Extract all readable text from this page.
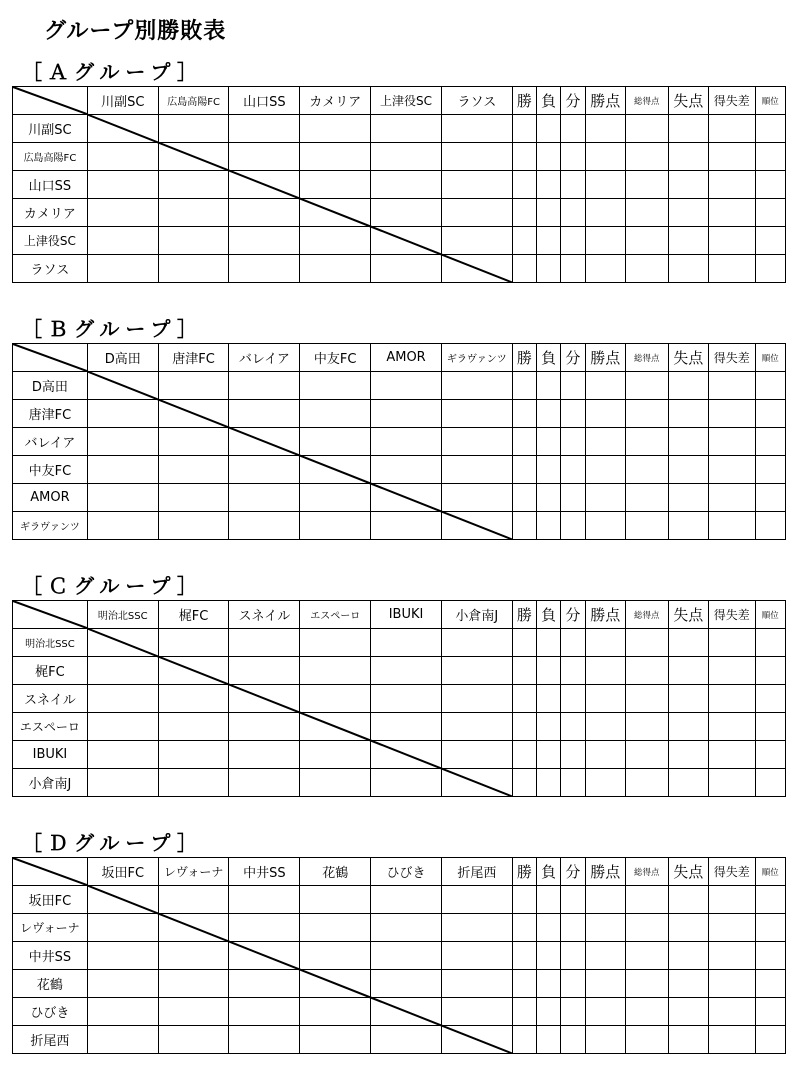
グループ別勝敗表
［Ａグループ］
	川副SC	広島高陽FC	山口SS	カメリア	上津役SC	ラソス	勝	負	分	勝点	総得点	失点	得失差	順位
川副SC														
広島高陽FC														
山口SS														
カメリア														
上津役SC														
ラソス														
［Ｂグループ］
	D高田	唐津FC	バレイア	中友FC	AMOR	ギラヴァンツ	勝	負	分	勝点	総得点	失点	得失差	順位
D高田														
唐津FC														
バレイア														
中友FC														
AMOR														
ギラヴァンツ														
［Ｃグループ］
	明治北SSC	梶FC	スネイル	エスペーロ	IBUKI	小倉南J	勝	負	分	勝点	総得点	失点	得失差	順位
明治北SSC														
梶FC														
スネイル														
エスペーロ														
IBUKI														
小倉南J														
［Ｄグループ］
	坂田FC	レヴォーナ	中井SS	花鶴	ひびき	折尾西	勝	負	分	勝点	総得点	失点	得失差	順位
坂田FC														
レヴォーナ														
中井SS														
花鶴														
ひびき														
折尾西														
